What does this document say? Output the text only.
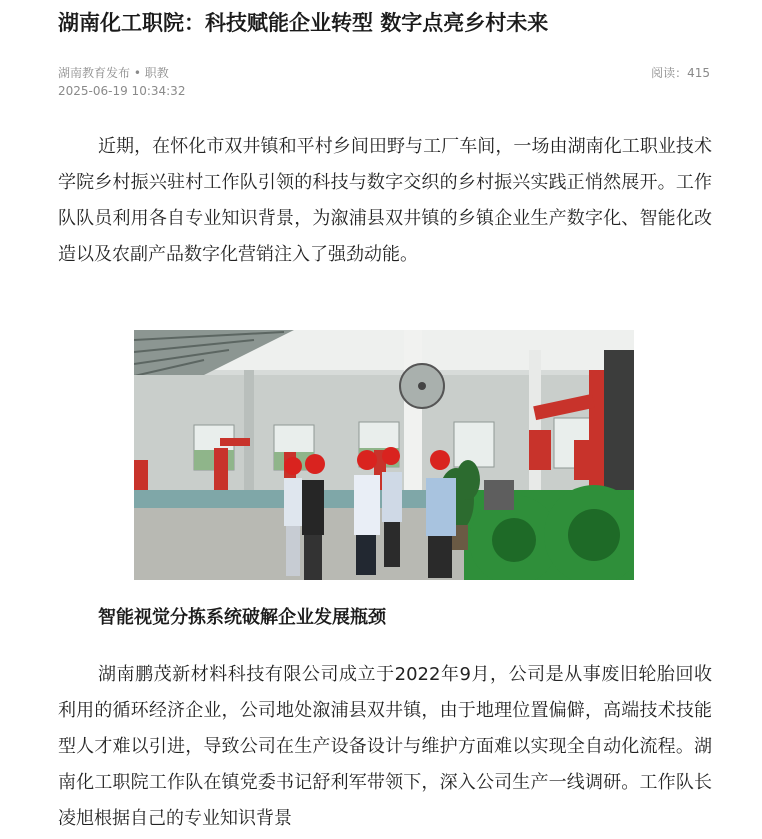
湖南化工职院：科技赋能企业转型 数字点亮乡村未来
湖南教育发布 • 职教
2025-06-19 10:34:32
阅读：415
近期，在怀化市双井镇和平村乡间田野与工厂车间，一场由湖南化工职业技术学院乡村振兴驻村工作队引领的科技与数字交织的乡村振兴实践正悄然展开。工作队队员利用各自专业知识背景，为溆浦县双井镇的乡镇企业生产数字化、智能化改造以及农副产品数字化营销注入了强劲动能。
智能视觉分拣系统破解企业发展瓶颈
湖南鹏茂新材料科技有限公司成立于2022年9月，公司是从事废旧轮胎回收利用的循环经济企业，公司地处溆浦县双井镇，由于地理位置偏僻，高端技术技能型人才难以引进，导致公司在生产设备设计与维护方面难以实现全自动化流程。湖南化工职院工作队在镇党委书记舒利军带领下，深入公司生产一线调研。工作队长凌旭根据自己的专业知识背景
